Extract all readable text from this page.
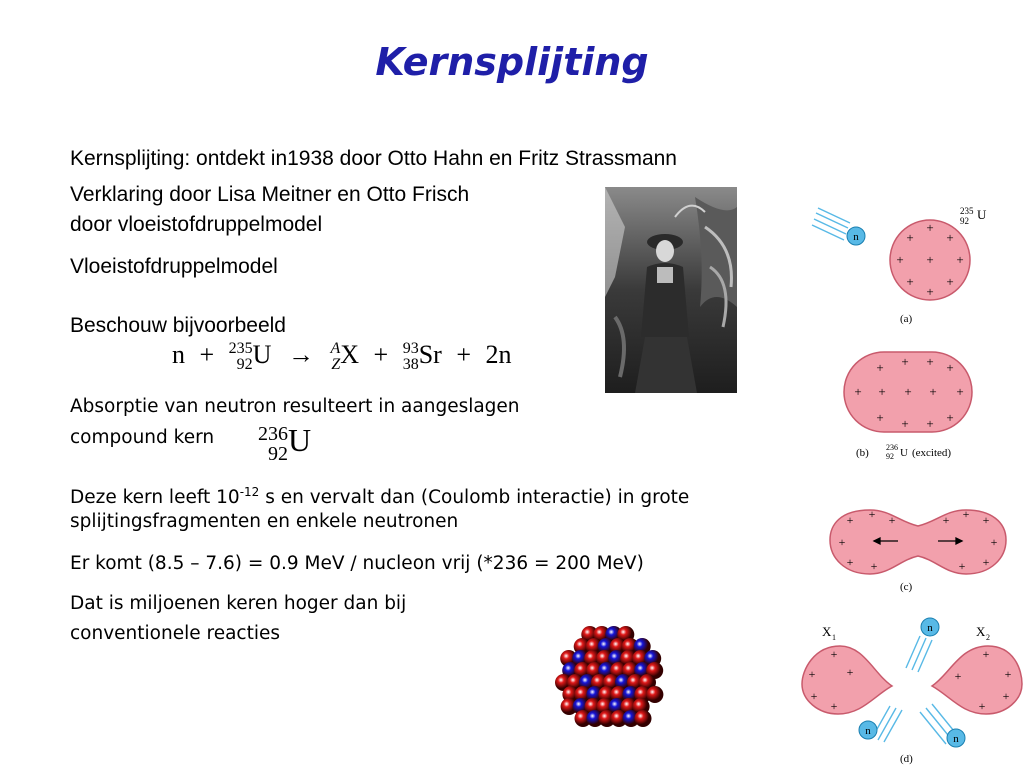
Kernsplijting
Kernsplijting: ontdekt in1938 door Otto Hahn en Fritz Strassmann
Verklaring door Lisa Meitner en Otto Frisch
door vloeistofdruppelmodel
Vloeistofdruppelmodel
Beschouw bijvoorbeeld
n + 235
92 U → A
Z X + 93
38 Sr + 2n
Absorptie van neutron resulteert in aangeslagen
compound kern 236
92 U
Deze kern leeft $10^{-12}$ s en vervalt dan (Coulomb interactie) in grote
splijtingsfragmenten en enkele neutronen
Er komt (8.5 – 7.6) = 0.9 MeV / nucleon vrij (*236 = 200 MeV)
Dat is miljoenen keren hoger dan bij
conventionele reacties
n	+
+
+
+ + +
+
+
+
235
92 U
(a)
+ + + +
+ + + + +
+ + + +
(b) 236
92 U (excited)
+ + +
+
+ +
+ + +
+
+
+
(c)
X 1	X 2
+
+	+
+
+
+
+
+
+
+
n
n
n
(d)
